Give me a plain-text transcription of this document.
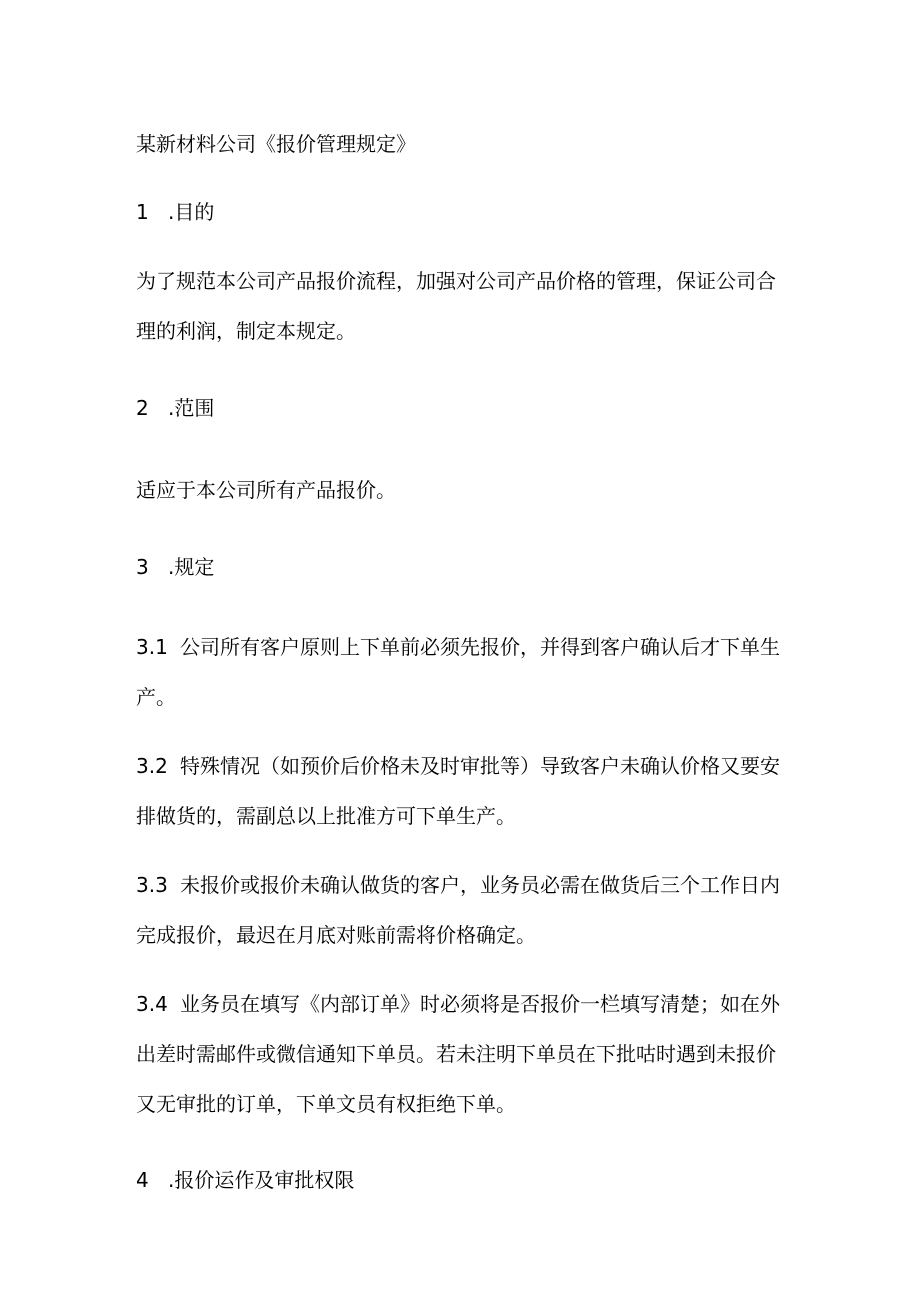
某新材料公司《报价管理规定》
1 .目的
为了规范本公司产品报价流程，加强对公司产品价格的管理，保证公司合
理的利润，制定本规定。
2 .范围
适应于本公司所有产品报价。
3 .规定
3.1 公司所有客户原则上下单前必须先报价，并得到客户确认后才下单生
产。
3.2 特殊情况（如预价后价格未及时审批等）导致客户未确认价格又要安
排做货的，需副总以上批准方可下单生产。
3.3 未报价或报价未确认做货的客户，业务员必需在做货后三个工作日内
完成报价，最迟在月底对账前需将价格确定。
3.4 业务员在填写《内部订单》时必须将是否报价一栏填写清楚；如在外
出差时需邮件或微信通知下单员。若未注明下单员在下批咕时遇到未报价
又无审批的订单，下单文员有权拒绝下单。
4 .报价运作及审批权限
